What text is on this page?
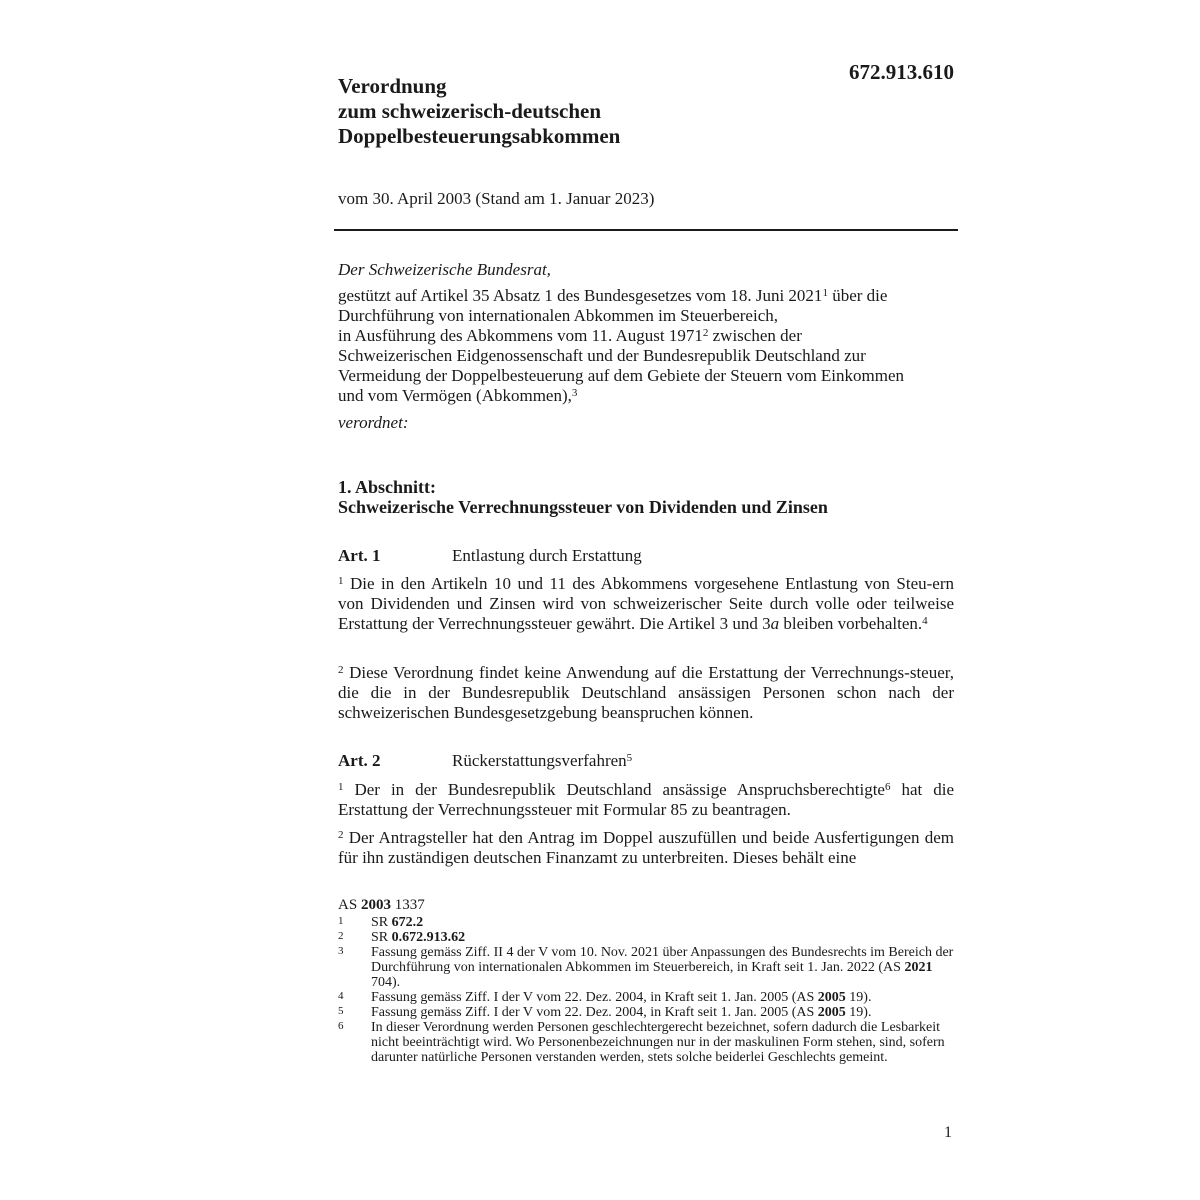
672.913.610
Verordnung
zum schweizerisch-deutschen
Doppelbesteuerungsabkommen
vom 30. April 2003 (Stand am 1. Januar 2023)
Der Schweizerische Bundesrat,
gestützt auf Artikel 35 Absatz 1 des Bundesgesetzes vom 18. Juni 2021$^1$ über die
Durchführung von internationalen Abkommen im Steuerbereich,
in Ausführung des Abkommens vom 11. August 1971$^2$ zwischen der
Schweizerischen Eidgenossenschaft und der Bundesrepublik Deutschland zur
Vermeidung der Doppelbesteuerung auf dem Gebiete der Steuern vom Einkommen
und vom Vermögen (Abkommen),$^3$
verordnet:
1. Abschnitt:
Schweizerische Verrechnungssteuer von Dividenden und Zinsen
Art. 1	Entlastung durch Erstattung
$^1$ Die in den Artikeln 10 und 11 des Abkommens vorgesehene Entlastung von Steu-ern von Dividenden und Zinsen wird von schweizerischer Seite durch volle oder teilweise Erstattung der Verrechnungssteuer gewährt. Die Artikel 3 und 3a bleiben vorbehalten.$^4$
$^2$ Diese Verordnung findet keine Anwendung auf die Erstattung der Verrechnungs-steuer, die die in der Bundesrepublik Deutschland ansässigen Personen schon nach der schweizerischen Bundesgesetzgebung beanspruchen können.
Art. 2	Rückerstattungsverfahren$^5$
$^1$ Der in der Bundesrepublik Deutschland ansässige Anspruchsberechtigte$^6$ hat die Erstattung der Verrechnungssteuer mit Formular 85 zu beantragen.
$^2$ Der Antragsteller hat den Antrag im Doppel auszufüllen und beide Ausfertigungen dem für ihn zuständigen deutschen Finanzamt zu unterbreiten. Dieses behält eine
AS 2003 1337
1	SR 672.2
2	SR 0.672.913.62
3	Fassung gemäss Ziff. II 4 der V vom 10. Nov. 2021 über Anpassungen des Bundesrechts im Bereich der Durchführung von internationalen Abkommen im Steuerbereich, in Kraft seit 1. Jan. 2022 (AS 2021 704).
4	Fassung gemäss Ziff. I der V vom 22. Dez. 2004, in Kraft seit 1. Jan. 2005 (AS 2005 19).
5	Fassung gemäss Ziff. I der V vom 22. Dez. 2004, in Kraft seit 1. Jan. 2005 (AS 2005 19).
6	In dieser Verordnung werden Personen geschlechtergerecht bezeichnet, sofern dadurch die Lesbarkeit nicht beeinträchtigt wird. Wo Personenbezeichnungen nur in der maskulinen Form stehen, sind, sofern darunter natürliche Personen verstanden werden, stets solche beiderlei Geschlechts gemeint.
1
